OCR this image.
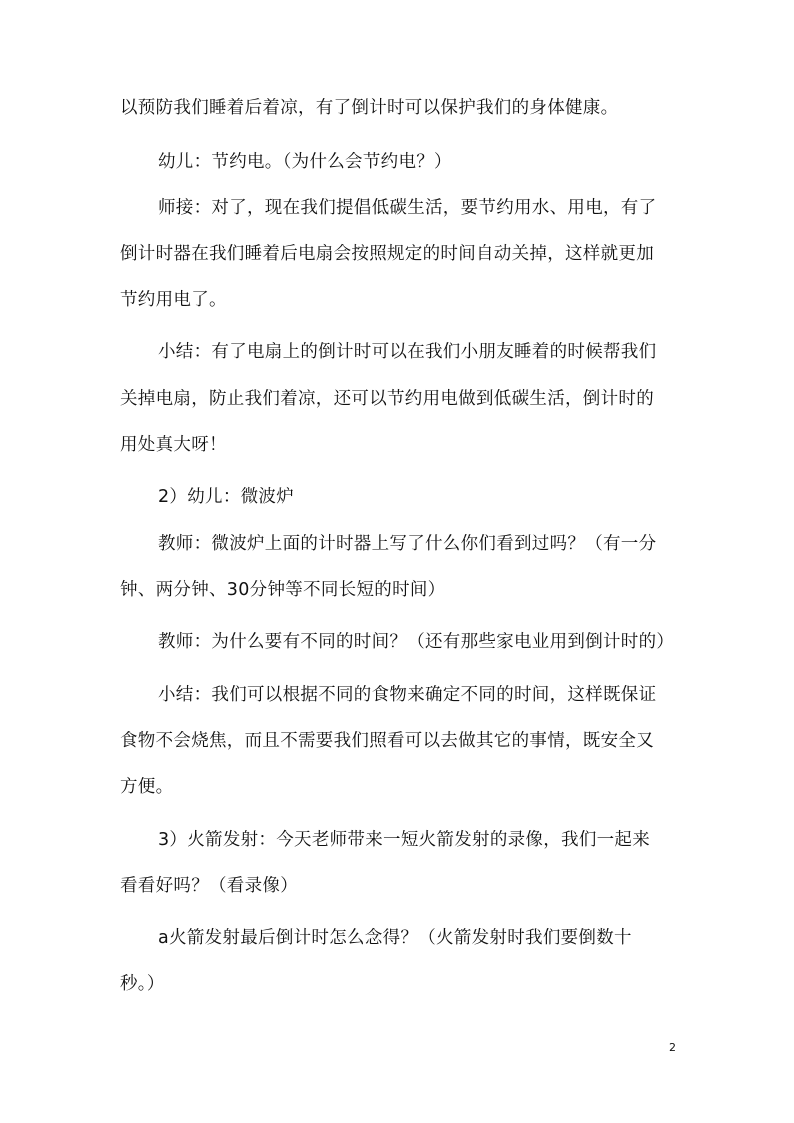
以预防我们睡着后着凉，有了倒计时可以保护我们的身体健康。
幼儿：节约电。（为什么会节约电？）
师接：对了，现在我们提倡低碳生活，要节约用水、用电，有了
倒计时器在我们睡着后电扇会按照规定的时间自动关掉，这样就更加
节约用电了。
小结：有了电扇上的倒计时可以在我们小朋友睡着的时候帮我们
关掉电扇，防止我们着凉，还可以节约用电做到低碳生活，倒计时的
用处真大呀！
2）幼儿：微波炉
教师：微波炉上面的计时器上写了什么你们看到过吗？（有一分
钟、两分钟、30分钟等不同长短的时间）
教师：为什么要有不同的时间？（还有那些家电业用到倒计时的）
小结：我们可以根据不同的食物来确定不同的时间，这样既保证
食物不会烧焦，而且不需要我们照看可以去做其它的事情，既安全又
方便。
3）火箭发射：今天老师带来一短火箭发射的录像，我们一起来
看看好吗？（看录像）
a火箭发射最后倒计时怎么念得？（火箭发射时我们要倒数十
秒。）
2
